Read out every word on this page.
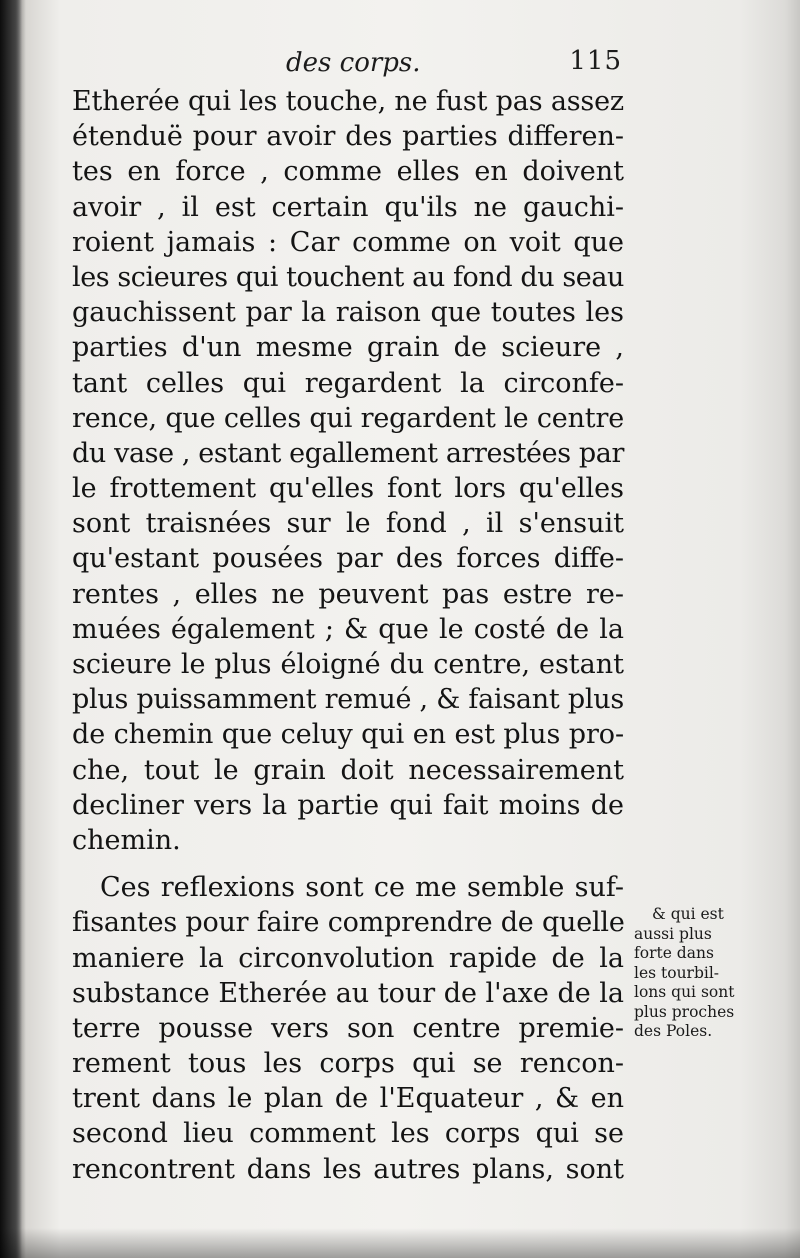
des corps.	115
Etherée qui les touche, ne fust pas assez
étenduë pour avoir des parties differen-
tes en force , comme elles en doivent
avoir , il est certain qu'ils ne gauchi-
roient jamais : Car comme on voit que
les scieures qui touchent au fond du seau
gauchissent par la raison que toutes les
parties d'un mesme grain de scieure ,
tant celles qui regardent la circonfe-
rence, que celles qui regardent le centre
du vase , estant egallement arrestées par
le frottement qu'elles font lors qu'elles
sont traisnées sur le fond , il s'ensuit
qu'estant pousées par des forces diffe-
rentes , elles ne peuvent pas estre re-
muées également ; & que le costé de la
scieure le plus éloigné du centre, estant
plus puissamment remué , & faisant plus
de chemin que celuy qui en est plus pro-
che, tout le grain doit necessairement
decliner vers la partie qui fait moins de
chemin.
Ces reflexions sont ce me semble suf-
fisantes pour faire comprendre de quelle
maniere la circonvolution rapide de la
substance Etherée au tour de l'axe de la
terre pousse vers son centre premie-
rement tous les corps qui se rencon-
trent dans le plan de l'Equateur , & en
second lieu comment les corps qui se
rencontrent dans les autres plans, sont
& qui est
aussi plus
forte dans
les tourbil-
lons qui sont
plus proches
des Poles.
